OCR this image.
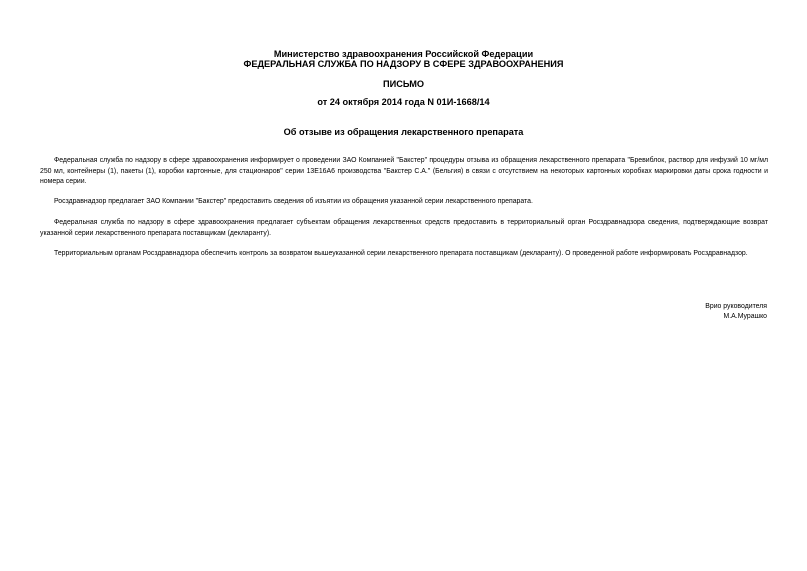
Министерство здравоохранения Российской Федерации
ФЕДЕРАЛЬНАЯ СЛУЖБА ПО НАДЗОРУ В СФЕРЕ ЗДРАВООХРАНЕНИЯ
ПИСЬМО
от 24 октября 2014 года N 01И-1668/14
Об отзыве из обращения лекарственного препарата

Федеральная служба по надзору в сфере здравоохранения информирует о проведении ЗАО Компанией "Бакстер" процедуры отзыва из обращения лекарственного препарата "Бревиблок, раствор для инфузий 10 мг/мл 250 мл, контейнеры (1), пакеты (1), коробки картонные, для стационаров" серии 13E16A6 производства "Бакстер С.А." (Бельгия) в связи с отсутствием на некоторых картонных коробках маркировки даты срока годности и номера серии.

Росздравнадзор предлагает ЗАО Компании "Бакстер" предоставить сведения об изъятии из обращения указанной серии лекарственного препарата.

Федеральная служба по надзору в сфере здравоохранения предлагает субъектам обращения лекарственных средств предоставить в территориальный орган Росздравнадзора сведения, подтверждающие возврат указанной серии лекарственного препарата поставщикам (декларанту).

Территориальным органам Росздравнадзора обеспечить контроль за возвратом вышеуказанной серии лекарственного препарата поставщикам (декларанту). О проведенной работе информировать Росздравнадзор.

Врио руководителя
М.А.Мурашко
